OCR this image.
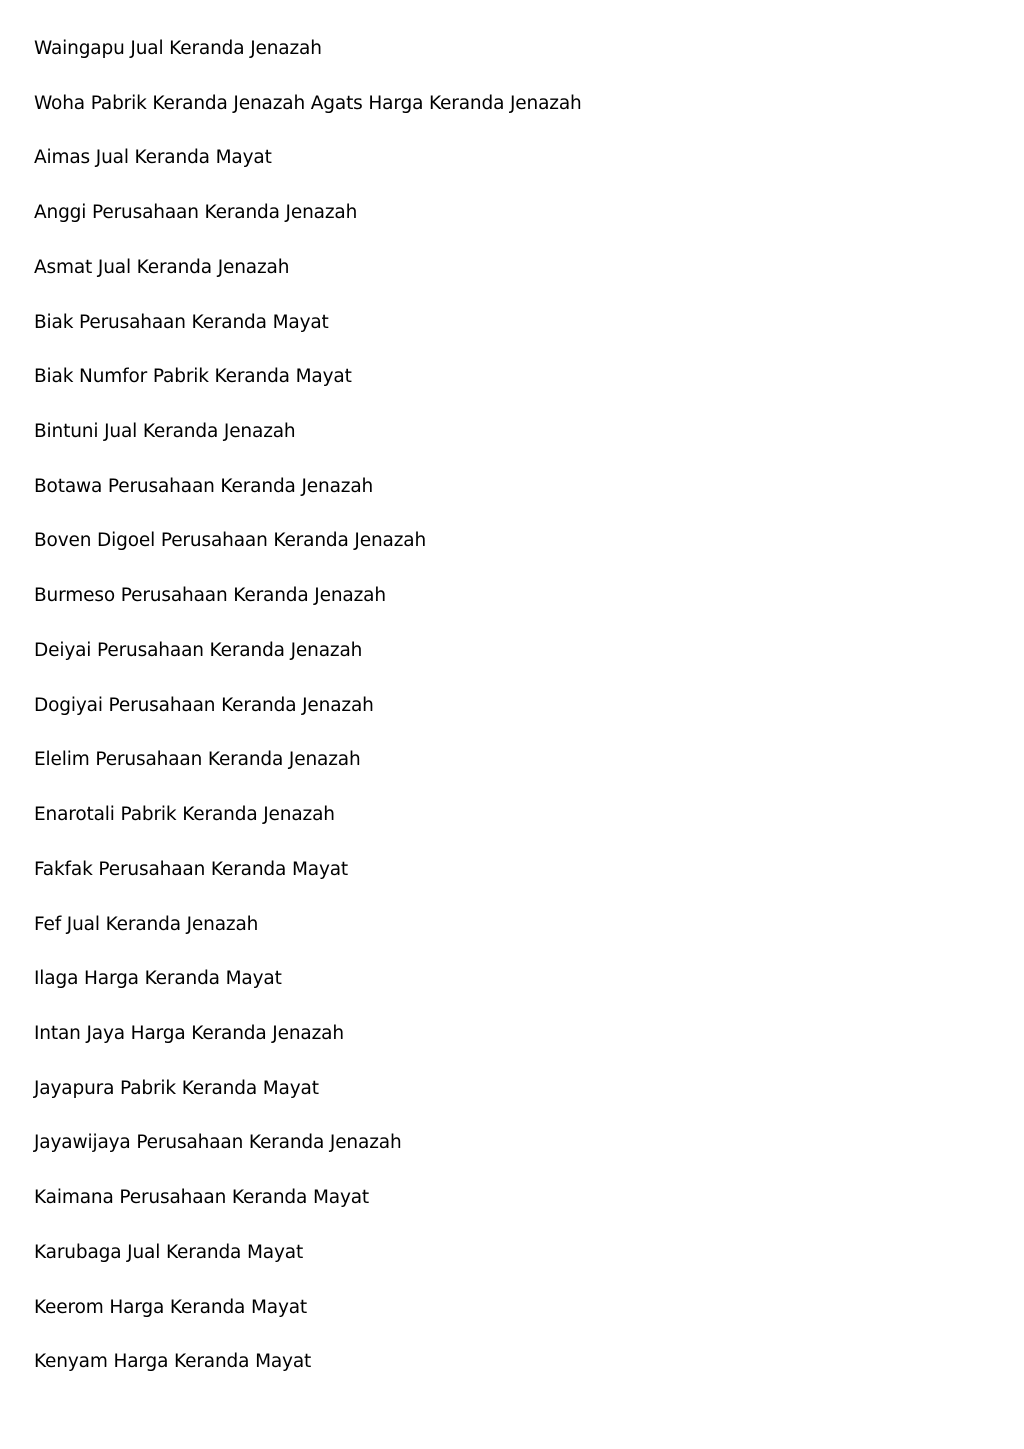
Waingapu Jual Keranda Jenazah
Woha Pabrik Keranda Jenazah Agats Harga Keranda Jenazah
Aimas Jual Keranda Mayat
Anggi Perusahaan Keranda Jenazah
Asmat Jual Keranda Jenazah
Biak Perusahaan Keranda Mayat
Biak Numfor Pabrik Keranda Mayat
Bintuni Jual Keranda Jenazah
Botawa Perusahaan Keranda Jenazah
Boven Digoel Perusahaan Keranda Jenazah
Burmeso Perusahaan Keranda Jenazah
Deiyai Perusahaan Keranda Jenazah
Dogiyai Perusahaan Keranda Jenazah
Elelim Perusahaan Keranda Jenazah
Enarotali Pabrik Keranda Jenazah
Fakfak Perusahaan Keranda Mayat
Fef Jual Keranda Jenazah
Ilaga Harga Keranda Mayat
Intan Jaya Harga Keranda Jenazah
Jayapura Pabrik Keranda Mayat
Jayawijaya Perusahaan Keranda Jenazah
Kaimana Perusahaan Keranda Mayat
Karubaga Jual Keranda Mayat
Keerom Harga Keranda Mayat
Kenyam Harga Keranda Mayat
